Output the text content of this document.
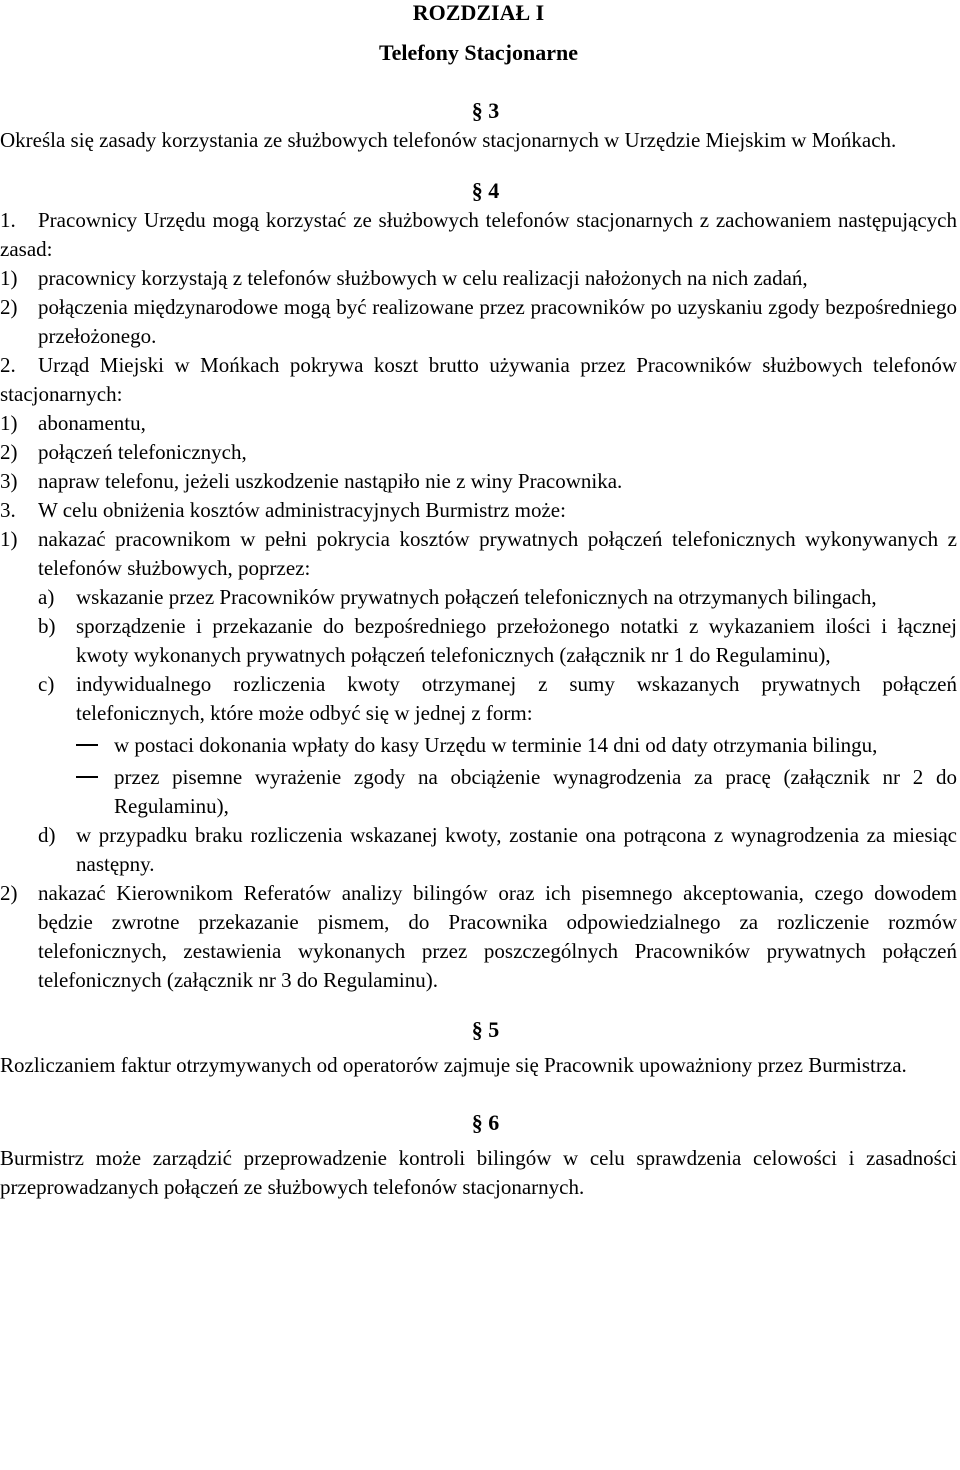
ROZDZIAŁ I

Telefony Stacjonarne

§ 3

Określa się zasady korzystania ze służbowych telefonów stacjonarnych w Urzędzie Miejskim w Mońkach.

§ 4

1.	Pracownicy Urzędu mogą korzystać ze służbowych telefonów stacjonarnych z zachowaniem następujących zasad:

1) pracownicy korzystają z telefonów służbowych w celu realizacji nałożonych na nich zadań,
2) połączenia międzynarodowe mogą być realizowane przez pracowników po uzyskaniu zgody bezpośredniego przełożonego.
2.	Urząd Miejski w Mońkach pokrywa koszt brutto używania przez Pracowników służbowych telefonów stacjonarnych:

1) abonamentu,
2) połączeń telefonicznych,
3) napraw telefonu, jeżeli uszkodzenie nastąpiło nie z winy Pracownika.
3.	W celu obniżenia kosztów administracyjnych Burmistrz może:
1) nakazać pracownikom w pełni pokrycia kosztów prywatnych połączeń telefonicznych wykonywanych z telefonów służbowych, poprzez:
a)	wskazanie przez Pracowników prywatnych połączeń telefonicznych na otrzymanych bilingach,
b) sporządzenie i przekazanie do bezpośredniego przełożonego notatki z wykazaniem ilości i łącznej kwoty wykonanych prywatnych połączeń telefonicznych (załącznik nr 1 do Regulaminu),
c)	indywidualnego rozliczenia kwoty otrzymanej z sumy wskazanych prywatnych połączeń telefonicznych, które może odbyć się w jednej z form:
w postaci dokonania wpłaty do kasy Urzędu w terminie 14 dni od daty otrzymania bilingu,
przez pisemne wyrażenie zgody na obciążenie wynagrodzenia za pracę (załącznik nr 2 do Regulaminu),
d) w przypadku braku rozliczenia wskazanej kwoty, zostanie ona potrącona z wynagrodzenia za miesiąc następny.
2) nakazać Kierownikom Referatów analizy bilingów oraz ich pisemnego akceptowania, czego dowodem będzie zwrotne przekazanie pismem, do Pracownika odpowiedzialnego za rozliczenie rozmów telefonicznych, zestawienia wykonanych przez poszczególnych Pracowników prywatnych połączeń telefonicznych (załącznik nr 3 do Regulaminu).

§ 5

Rozliczaniem faktur otrzymywanych od operatorów zajmuje się Pracownik upoważniony przez Burmistrza.

§ 6

Burmistrz może zarządzić przeprowadzenie kontroli bilingów w celu sprawdzenia celowości i zasadności przeprowadzanych połączeń ze służbowych telefonów stacjonarnych.
